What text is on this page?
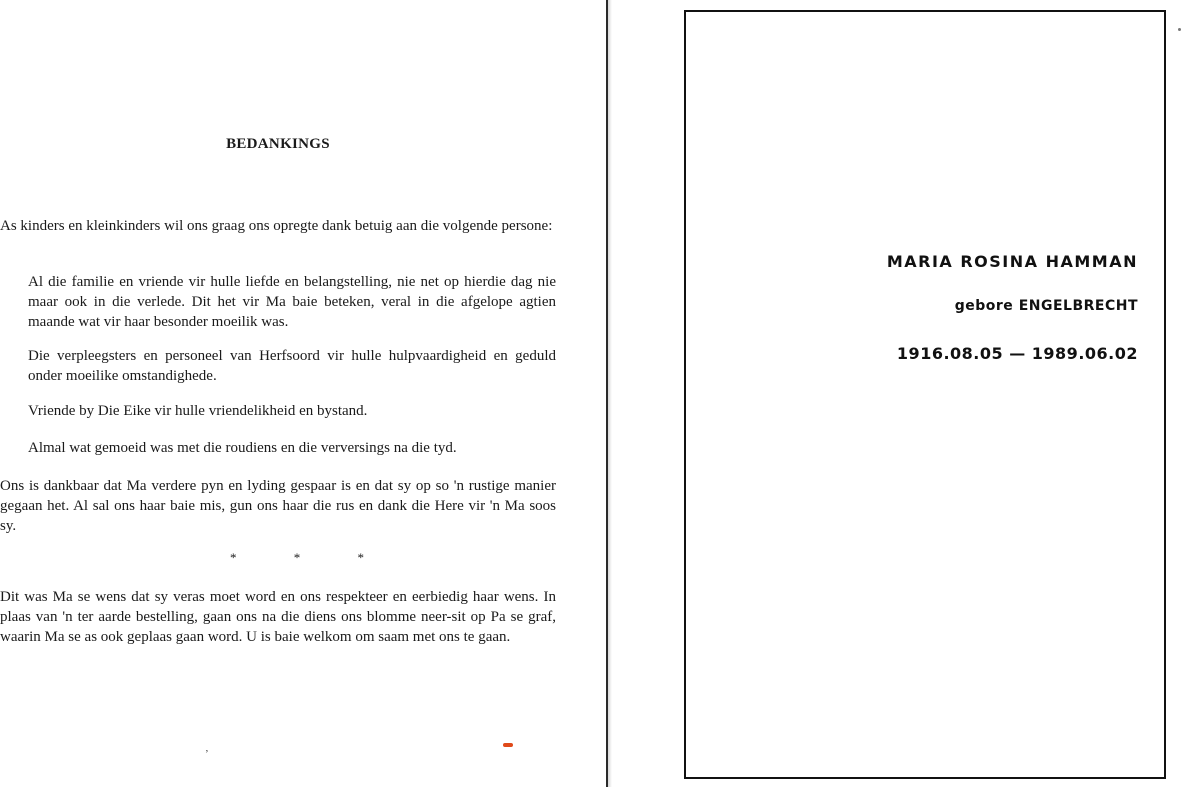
BEDANKINGS

As kinders en kleinkinders wil ons graag ons opregte dank betuig aan die volgende persone:

Al die familie en vriende vir hulle liefde en belangstelling, nie net op hierdie dag nie maar ook in die verlede. Dit het vir Ma baie beteken, veral in die afgelope agtien maande wat vir haar besonder moeilik was.

Die verpleegsters en personeel van Herfsoord vir hulle hulpvaardigheid en geduld onder moeilike omstandighede.

Vriende by Die Eike vir hulle vriendelikheid en bystand.

Almal wat gemoeid was met die roudiens en die verversings na die tyd.

Ons is dankbaar dat Ma verdere pyn en lyding gespaar is en dat sy op so 'n rustige manier gegaan het. Al sal ons haar baie mis, gun ons haar die rus en dank die Here vir 'n Ma soos sy.

* * *

Dit was Ma se wens dat sy veras moet word en ons respekteer en eerbiedig haar wens. In plaas van 'n ter aarde bestelling, gaan ons na die diens ons blomme neer-sit op Pa se graf, waarin Ma se as ook geplaas gaan word. U is baie welkom om saam met ons te gaan.

ʼ
MARIA ROSINA HAMMAN
gebore ENGELBRECHT
1916.08.05 — 1989.06.02
